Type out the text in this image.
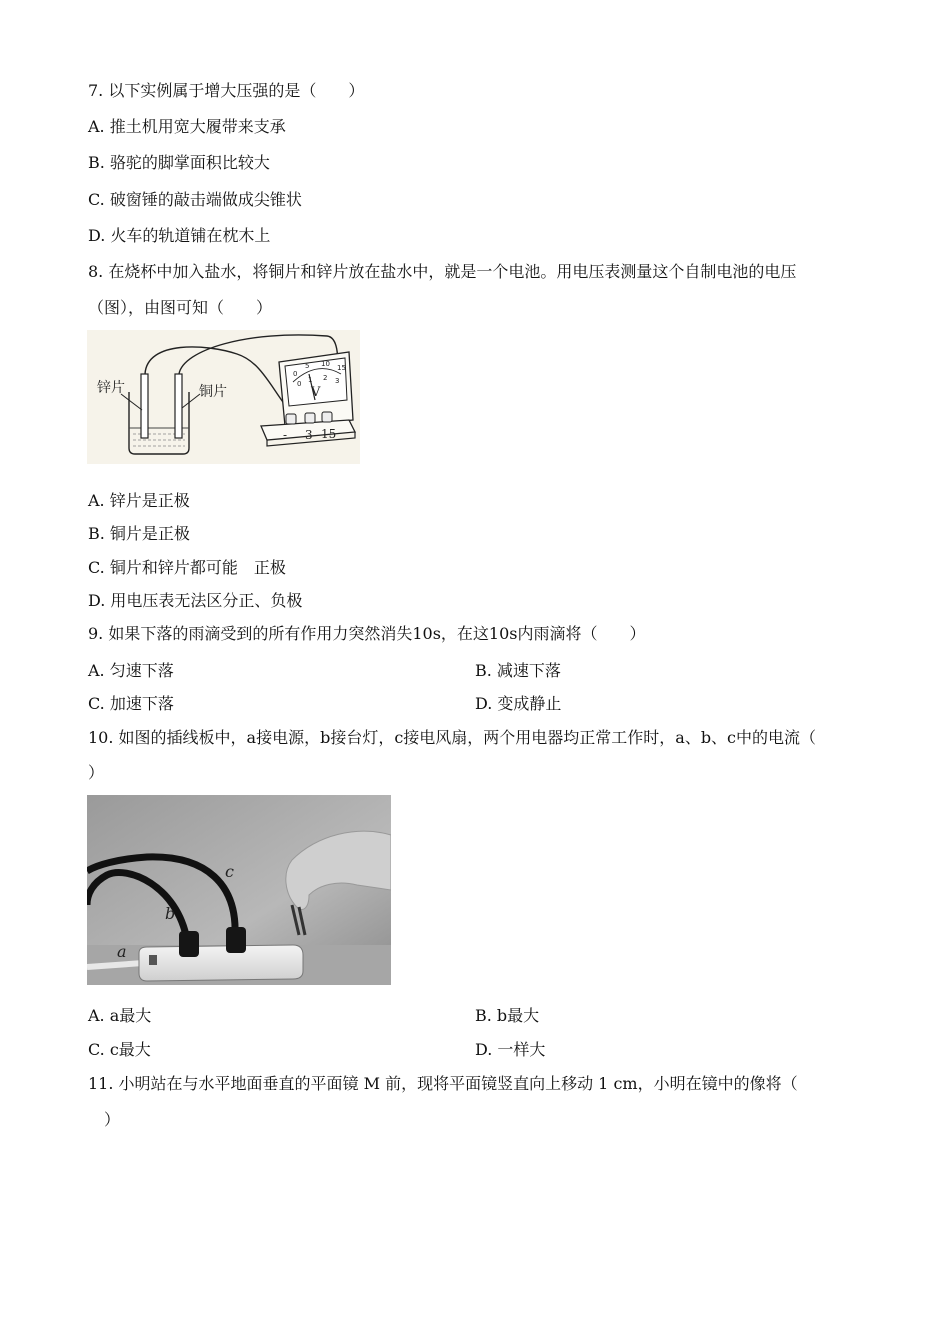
7. 以下实例属于增大压强的是（　　）
A. 推土机用宽大履带来支承
B. 骆驼的脚掌面积比较大
C. 破窗锤的敲击端做成尖锥状
D. 火车的轨道铺在枕木上
8. 在烧杯中加入盐水，将铜片和锌片放在盐水中，就是一个电池。用电压表测量这个自制电池的电压
（图），由图可知（　　）
锌片	铜片	V
0
5 10 15
0 1 2 3
- 3 15
A. 锌片是正极
B. 铜片是正极
C. 铜片和锌片都可能　正极
D. 用电压表无法区分正、负极
9. 如果下落的雨滴受到的所有作用力突然消失10s，在这10s内雨滴将（　　）
A. 匀速下落	B. 减速下落
C. 加速下落	D. 变成静止
10. 如图的插线板中，a接电源，b接台灯，c接电风扇，两个用电器均正常工作时，a、b、c中的电流（
）
a
b
c
A. a最大	B. b最大
C. c最大	D. 一样大
11. 小明站在与水平地面垂直的平面镜 M 前，现将平面镜竖直向上移动 1 cm，小明在镜中的像将（
）
